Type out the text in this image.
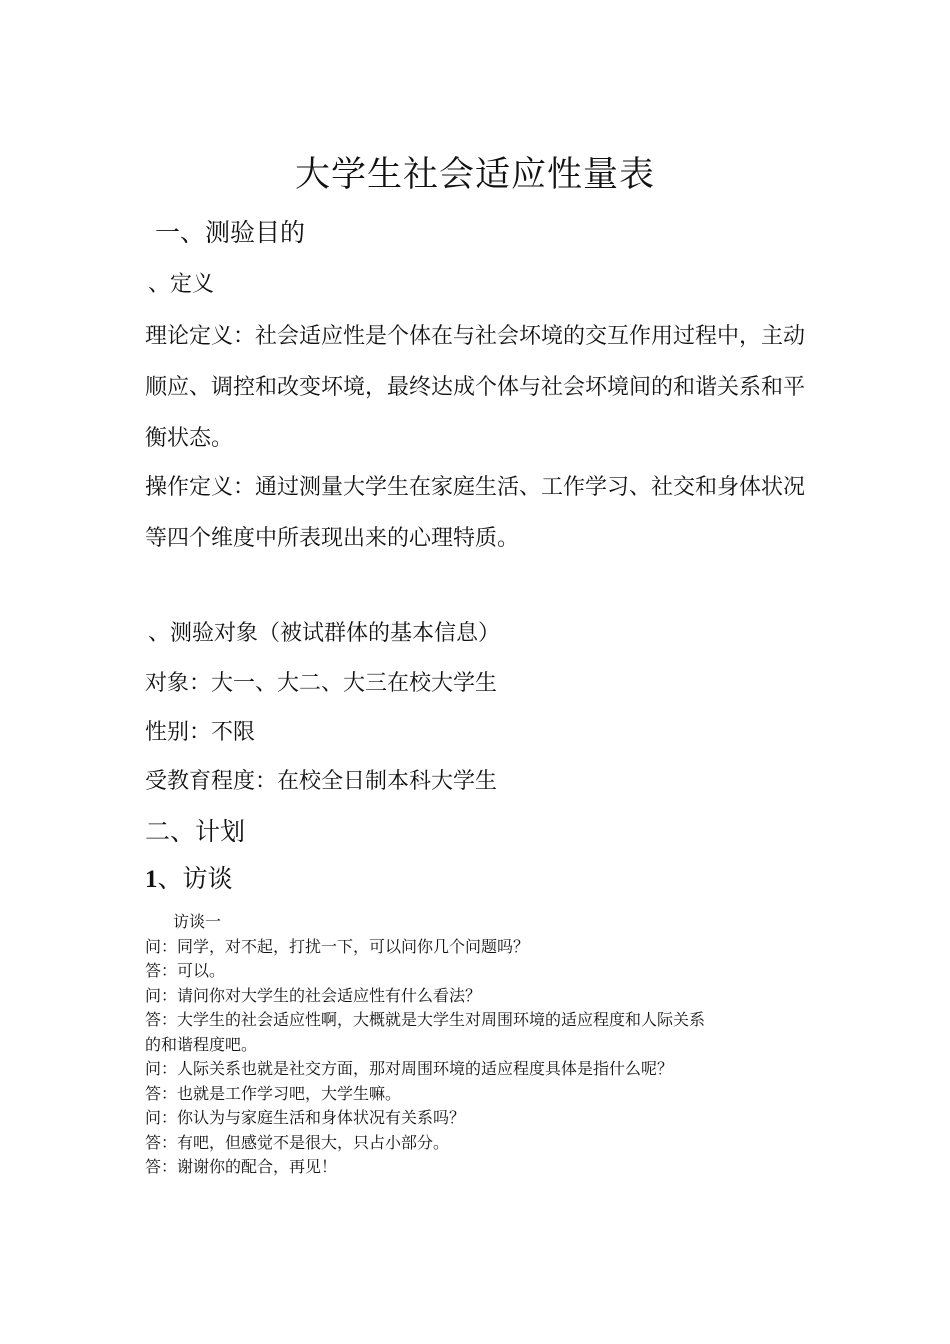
大学生社会适应性量表
一、测验目的
、定义
理论定义：社会适应性是个体在与社会坏境的交互作用过程中，主动
顺应、调控和改变坏境，最终达成个体与社会坏境间的和谐关系和平
衡状态。
操作定义：通过测量大学生在家庭生活、工作学习、社交和身体状况
等四个维度中所表现出来的心理特质。
、测验对象（被试群体的基本信息）
对象：大一、大二、大三在校大学生
性别：不限
受教育程度：在校全日制本科大学生
二、计划
1、访谈
访谈一
问：同学，对不起，打扰一下，可以问你几个问题吗？
答：可以。
问：请问你对大学生的社会适应性有什么看法？
答：大学生的社会适应性啊，大概就是大学生对周围环境的适应程度和人际关系
的和谐程度吧。
问：人际关系也就是社交方面，那对周围环境的适应程度具体是指什么呢？
答：也就是工作学习吧，大学生嘛。
问：你认为与家庭生活和身体状况有关系吗？
答：有吧，但感觉不是很大，只占小部分。
答：谢谢你的配合，再见！
